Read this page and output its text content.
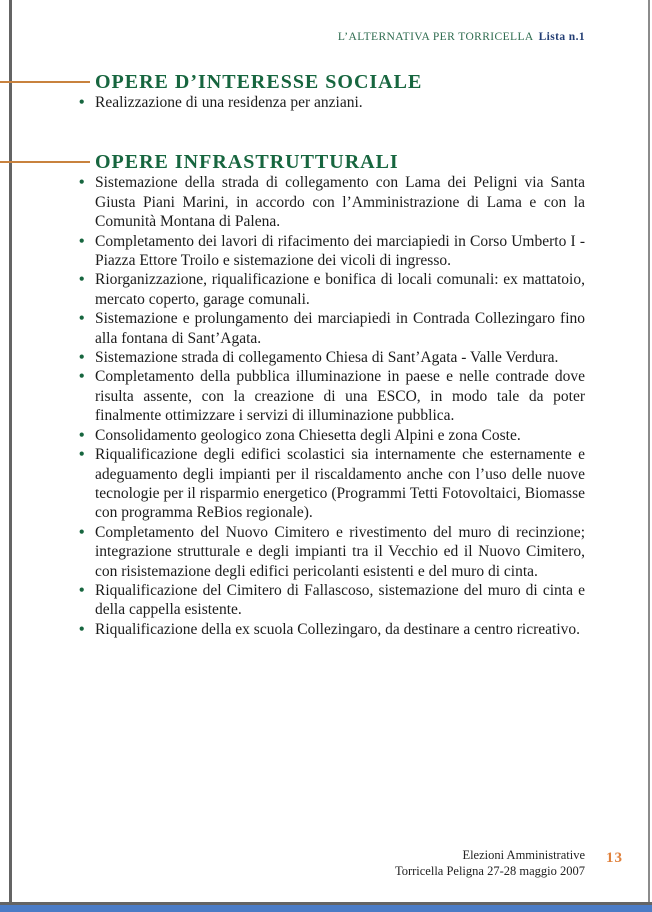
L’ALTERNATIVA PER TORRICELLA Lista n.1
OPERE D’INTERESSE SOCIALE
• Realizzazione di una residenza per anziani.
OPERE INFRASTRUTTURALI
• Sistemazione della strada di collegamento con Lama dei Peligni via Santa Giusta Piani Marini, in accordo con l’Amministrazione di Lama e con la Comunità Montana di Palena.
• Completamento dei lavori di rifacimento dei marciapiedi in Corso Umberto I - Piazza Ettore Troilo e sistemazione dei vicoli di ingresso.
• Riorganizzazione, riqualificazione e bonifica di locali comunali: ex mattatoio, mercato coperto, garage comunali.
• Sistemazione e prolungamento dei marciapiedi in Contrada Collezingaro fino alla fontana di Sant’Agata.
• Sistemazione strada di collegamento Chiesa di Sant’Agata - Valle Verdura.
• Completamento della pubblica illuminazione in paese e nelle contrade dove risulta assente, con la creazione di una ESCO, in modo tale da poter finalmente ottimizzare i servizi di illuminazione pubblica.
• Consolidamento geologico zona Chiesetta degli Alpini e zona Coste.
• Riqualificazione degli edifici scolastici sia internamente che esternamente e adeguamento degli impianti per il riscaldamento anche con l’uso delle nuove tecnologie per il risparmio energetico (Programmi Tetti Fotovoltaici, Biomasse con programma ReBios regionale).
• Completamento del Nuovo Cimitero e rivestimento del muro di recinzione; integrazione strutturale e degli impianti tra il Vecchio ed il Nuovo Cimitero, con risistemazione degli edifici pericolanti esistenti e del muro di cinta.
• Riqualificazione del Cimitero di Fallascoso, sistemazione del muro di cinta e della cappella esistente.
• Riqualificazione della ex scuola Collezingaro, da destinare a centro ricreativo.
Elezioni Amministrative
Torricella Peligna 27-28 maggio 2007
13
